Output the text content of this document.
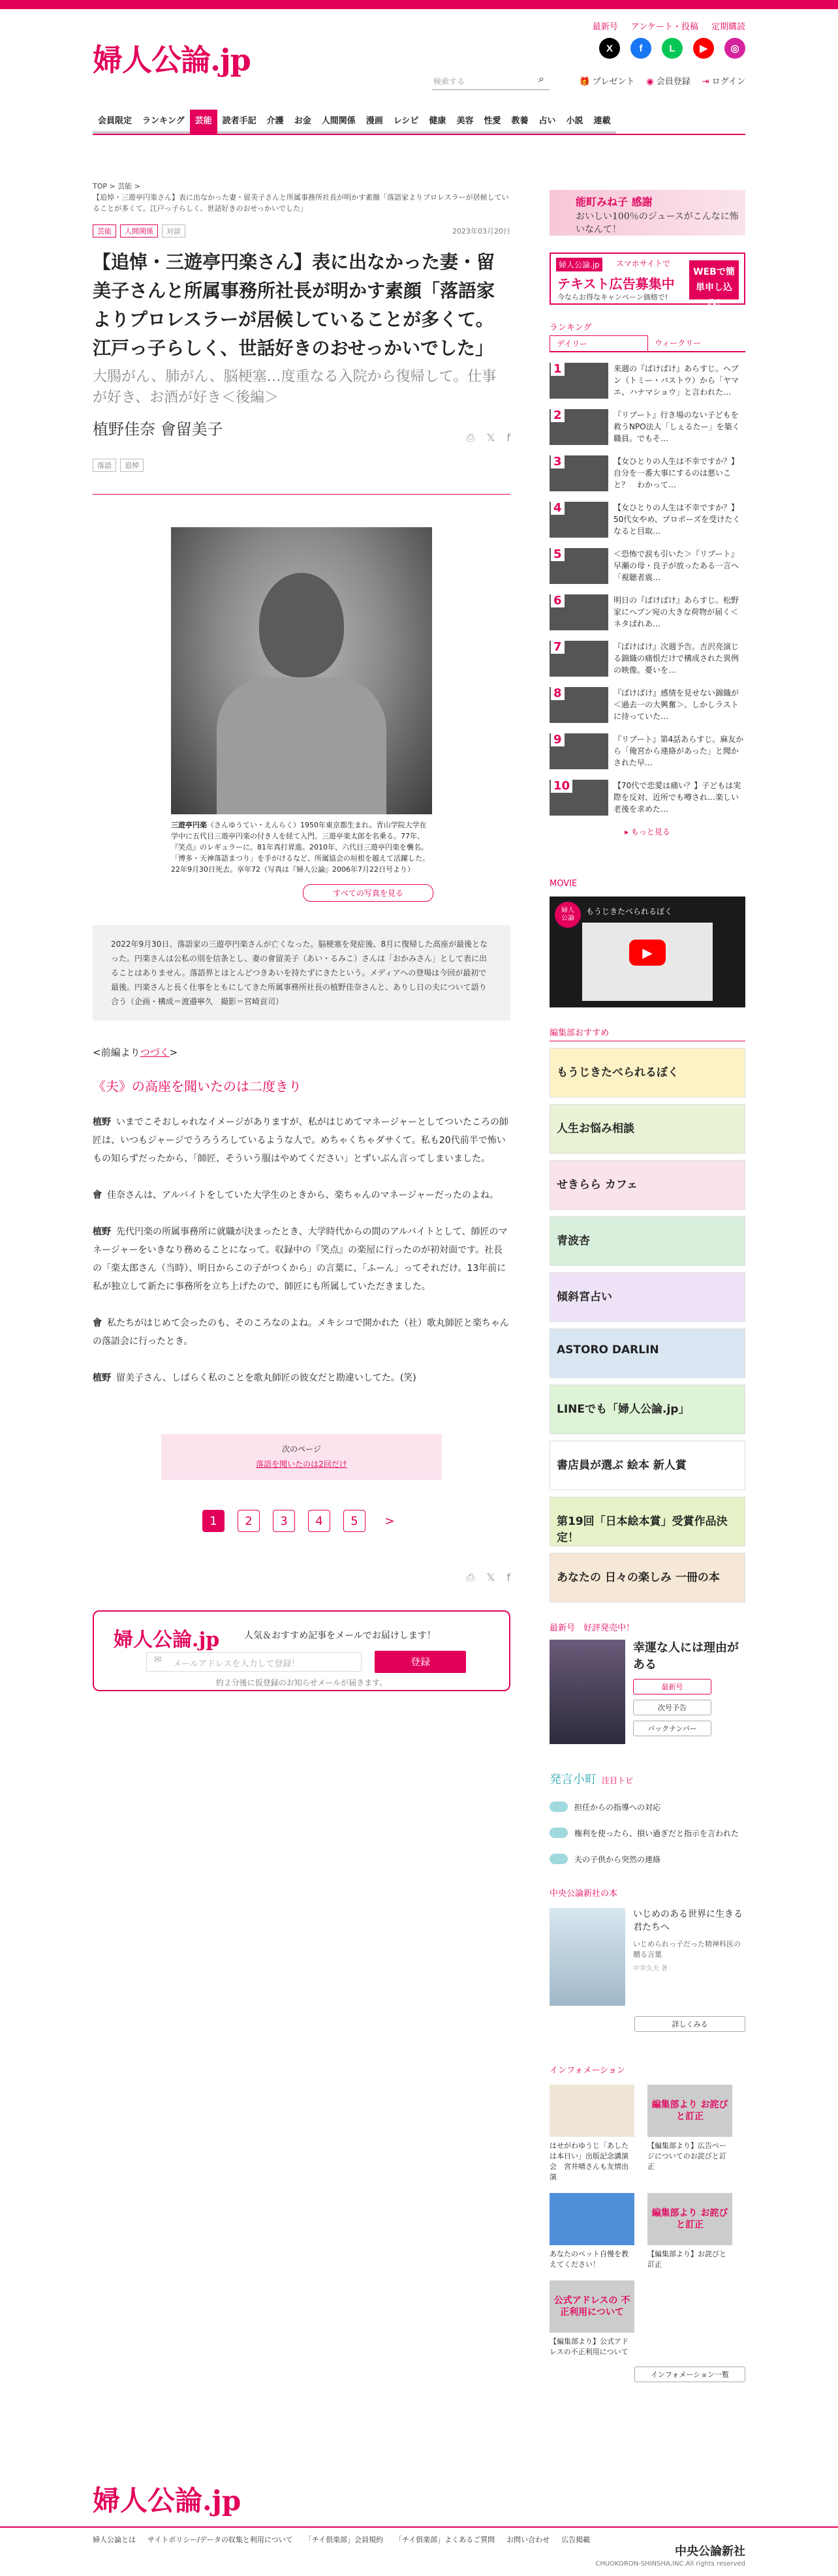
婦人公論.jp
最新号 アンケート・投稿 定期購読
X	f	L	▶	◎
検索する	⌕	🎁 プレゼント ◉ 会員登録 ⇥ ログイン
会員限定	ランキング	芸能	読者手記	介護	お金	人間関係	漫画	レシピ	健康	美容	性愛	教養	占い	小説	連載
TOP > 芸能 >
【追悼・三遊亭円楽さん】表に出なかった妻・留美子さんと所属事務所社長が明かす素顔「落語家よりプロレスラーが居候していることが多くて。江戸っ子らしく、世話好きのおせっかいでした」
芸能	人間関係	対談	2023年03月20日
【追悼・三遊亭円楽さん】表に出なかった妻・留美子さんと所属事務所社長が明かす素顔「落語家よりプロレスラーが居候していることが多くて。江戸っ子らしく、世話好きのおせっかいでした」
大腸がん、肺がん、脳梗塞…度重なる入院から復帰して。仕事が好き、お酒が好き＜後編＞
植野佳奈 會留美子	⎙ 𝕏 f
落語	追悼
三遊亭円楽（さんゆうてい・えんらく）1950年東京都生まれ。青山学院大学在学中に五代目三遊亭円楽の付き人を経て入門。三遊亭楽太郎を名乗る。77年、『笑点』のレギュラーに。81年真打昇進。2010年、六代目三遊亭円楽を襲名。「博多・天神落語まつり」を手がけるなど、所属協会の垣根を越えて活躍した。22年9月30日死去。享年72（写真は『婦人公論』2006年7月22日号より）
すべての写真を見る
2022年9月30日、落語家の三遊亭円楽さんが亡くなった。脳梗塞を発症後、8月に復帰した高座が最後となった。円楽さんは公私の別を信条とし、妻の會留美子（あい・るみこ）さんは「おかみさん」として表に出ることはありません。落語界とほとんどつきあいを持たずにきたという。メディアへの登場は今回が最初で最後。円楽さんと長く仕事をともにしてきた所属事務所社長の植野佳奈さんと、ありし日の夫について語り合う（企画・構成＝渡邉寧久　撮影＝宮崎貢司）
<前編よりつづく>
《夫》の高座を聞いたのは二度きり
植野 いまでこそおしゃれなイメージがありますが、私がはじめてマネージャーとしてついたころの師匠は、いつもジャージでうろうろしているような人で。めちゃくちゃダサくて。私も20代前半で怖いもの知らずだったから、「師匠、そういう服はやめてください」とずいぶん言ってしまいました。
會 佳奈さんは、アルバイトをしていた大学生のときから、楽ちゃんのマネージャーだったのよね。
植野 先代円楽の所属事務所に就職が決まったとき、大学時代からの間のアルバイトとして、師匠のマネージャーをいきなり務めることになって。収録中の『笑点』の楽屋に行ったのが初対面です。社長の「楽太郎さん（当時）、明日からこの子がつくから」の言葉に、「ふーん」ってそれだけ。13年前に私が独立して新たに事務所を立ち上げたので、師匠にも所属していただきました。
會 私たちがはじめて会ったのも、そのころなのよね。メキシコで開かれた（社）歌丸師匠と楽ちゃんの落語会に行ったとき。
植野 留美子さん、しばらく私のことを歌丸師匠の彼女だと勘違いしてた。(笑)
次のページ
落語を聞いたのは2回だけ
1	2	3	4	5	>
⎙ 𝕏 f
婦人公論.jp	人気＆おすすめ記事をメールでお届けします！
メールアドレスを入力して登録！
✉	登録
約２分後に仮登録のお知らせメールが届きます。
能町みね子 感謝
おいしい100％のジュースがこんなに怖いなんて！
婦人公論.jp	スマホサイトで
テキスト広告募集中
今ならお得なキャンペーン価格で!
WEBで簡単申し込み!
ランキング
デイリー	ウィークリー
1	来週の『ばけばけ』あらすじ。ヘブン（トミー・バストウ）から「ヤマエ、ハナマショウ」と言われた…
2	『リブート』行き場のない子どもを救うNPO法人「しぇるたー」を築く職員。でもそ…
3	【女ひとりの人生は不幸ですか？】自分を一番大事にするのは悪いこと？　わかって…
4	【女ひとりの人生は不幸ですか？】50代女やめ、プロポーズを受けたくなると目取…
5	＜恐怖で涙も引いた＞『リブート』早瀬の母・良子が放ったある一言へ「視聴者震…
6	明日の『ばけばけ』あらすじ。松野家にヘブン宛の大きな荷物が届く＜ネタばれあ…
7	『ばけばけ』次週予告。吉沢亮演じる錦織の痛恨だけで構成された異例の映像。憂いを…
8	『ばけばけ』感情を見せない錦織が＜過去一の大興奮＞。しかしラストに待っていた…
9	『リブート』第4話あらすじ。麻友から「俺宮から連絡があった」と聞かされた早…
10	【70代で恋愛は痛い？】子どもは実際を反対、近所でも噂され…楽しい老後を求めた…
▸ もっと見る
MOVIE
婦人
公論
もうじきたべられるぼく
▶
編集部おすすめ
もうじきたべられるぼく
人生お悩み相談
せきらら カフェ
青波杏
傾斜宮占い
ASTORO DARLIN
LINEでも「婦人公論.jp」
書店員が選ぶ 絵本 新人賞
第19回「日本絵本賞」受賞作品決定！
あなたの 日々の楽しみ 一冊の本
最新号　好評発売中！
幸運な人には理由がある
最新号
次号予告
バックナンバー
発言小町 注目トピ
担任からの指導への対応
権利を使ったら、損い過ぎだと指示を言われた
夫の子供から突然の連絡
中央公論新社の本
いじめのある世界に生きる君たちへ
いじめられっ子だった精神科医の贈る言葉
中井久夫 著
詳しくみる
インフォメーション
はせがわゆうじ「あしたは本日い」出版記念講演会　宮井晴さんも友情出演
編集部より お詫びと訂正
【編集部より】広告ページについてのお詫びと訂正
あなたのペット自慢を教えてください！
編集部より お詫びと訂正
【編集部より】お詫びと訂正
公式アドレスの 不正利用について
【編集部より】公式アドレスの不正利用について
インフォメーション一覧
婦人公論.jp
婦人公論とは サイトポリシー/データの収集と利用について 「チイ倶楽部」会員規約 「チイ倶楽部」よくあるご質問 お問い合わせ 広告掲載
中央公論新社
CHUOKORON-SHINSHA,INC.All rights reserved
